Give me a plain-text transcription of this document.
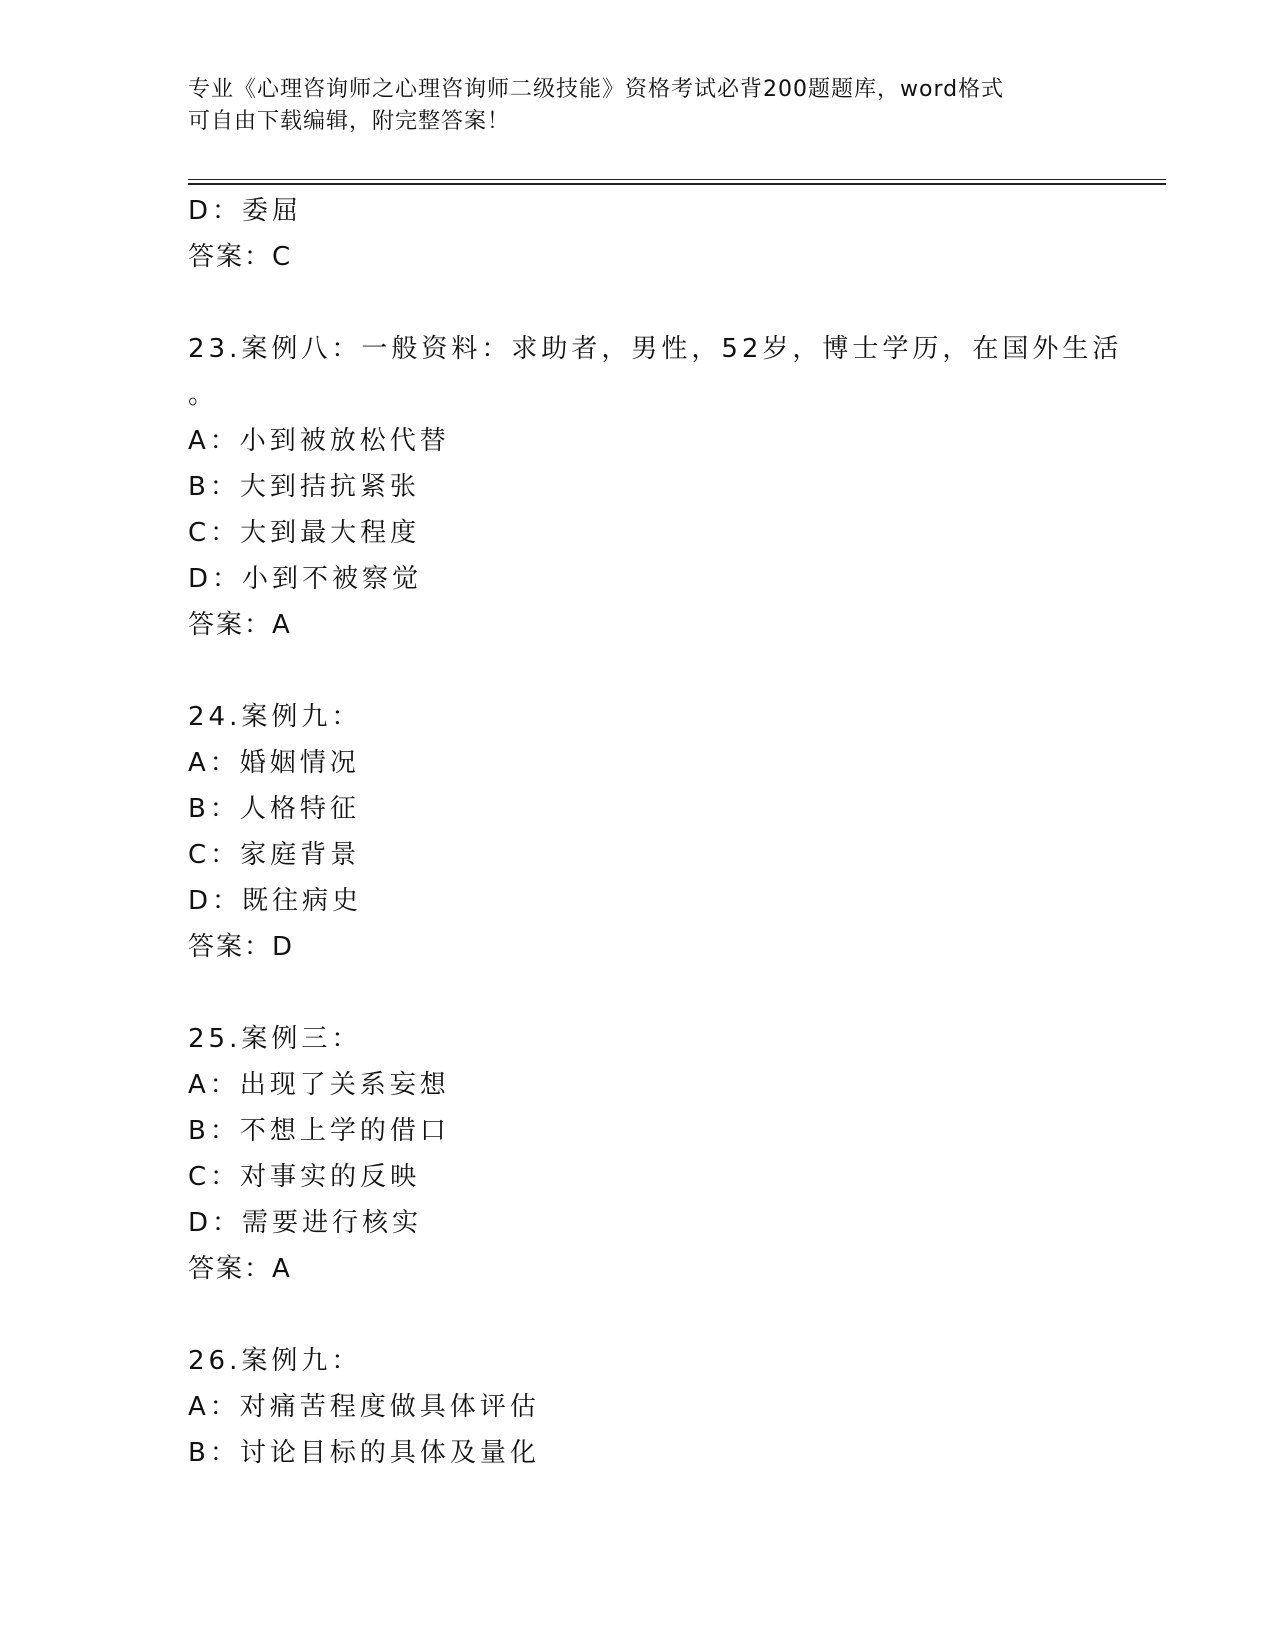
专业《心理咨询师之心理咨询师二级技能》资格考试必背200题题库，word格式
可自由下载编辑，附完整答案！
D：委屈
答案：C
23.案例八：一般资料：求助者，男性，52岁，博士学历，在国外生活
。
A：小到被放松代替
B：大到拮抗紧张
C：大到最大程度
D：小到不被察觉
答案：A
24.案例九：
A：婚姻情况
B：人格特征
C：家庭背景
D：既往病史
答案：D
25.案例三：
A：出现了关系妄想
B：不想上学的借口
C：对事实的反映
D：需要进行核实
答案：A
26.案例九：
A：对痛苦程度做具体评估
B：讨论目标的具体及量化
